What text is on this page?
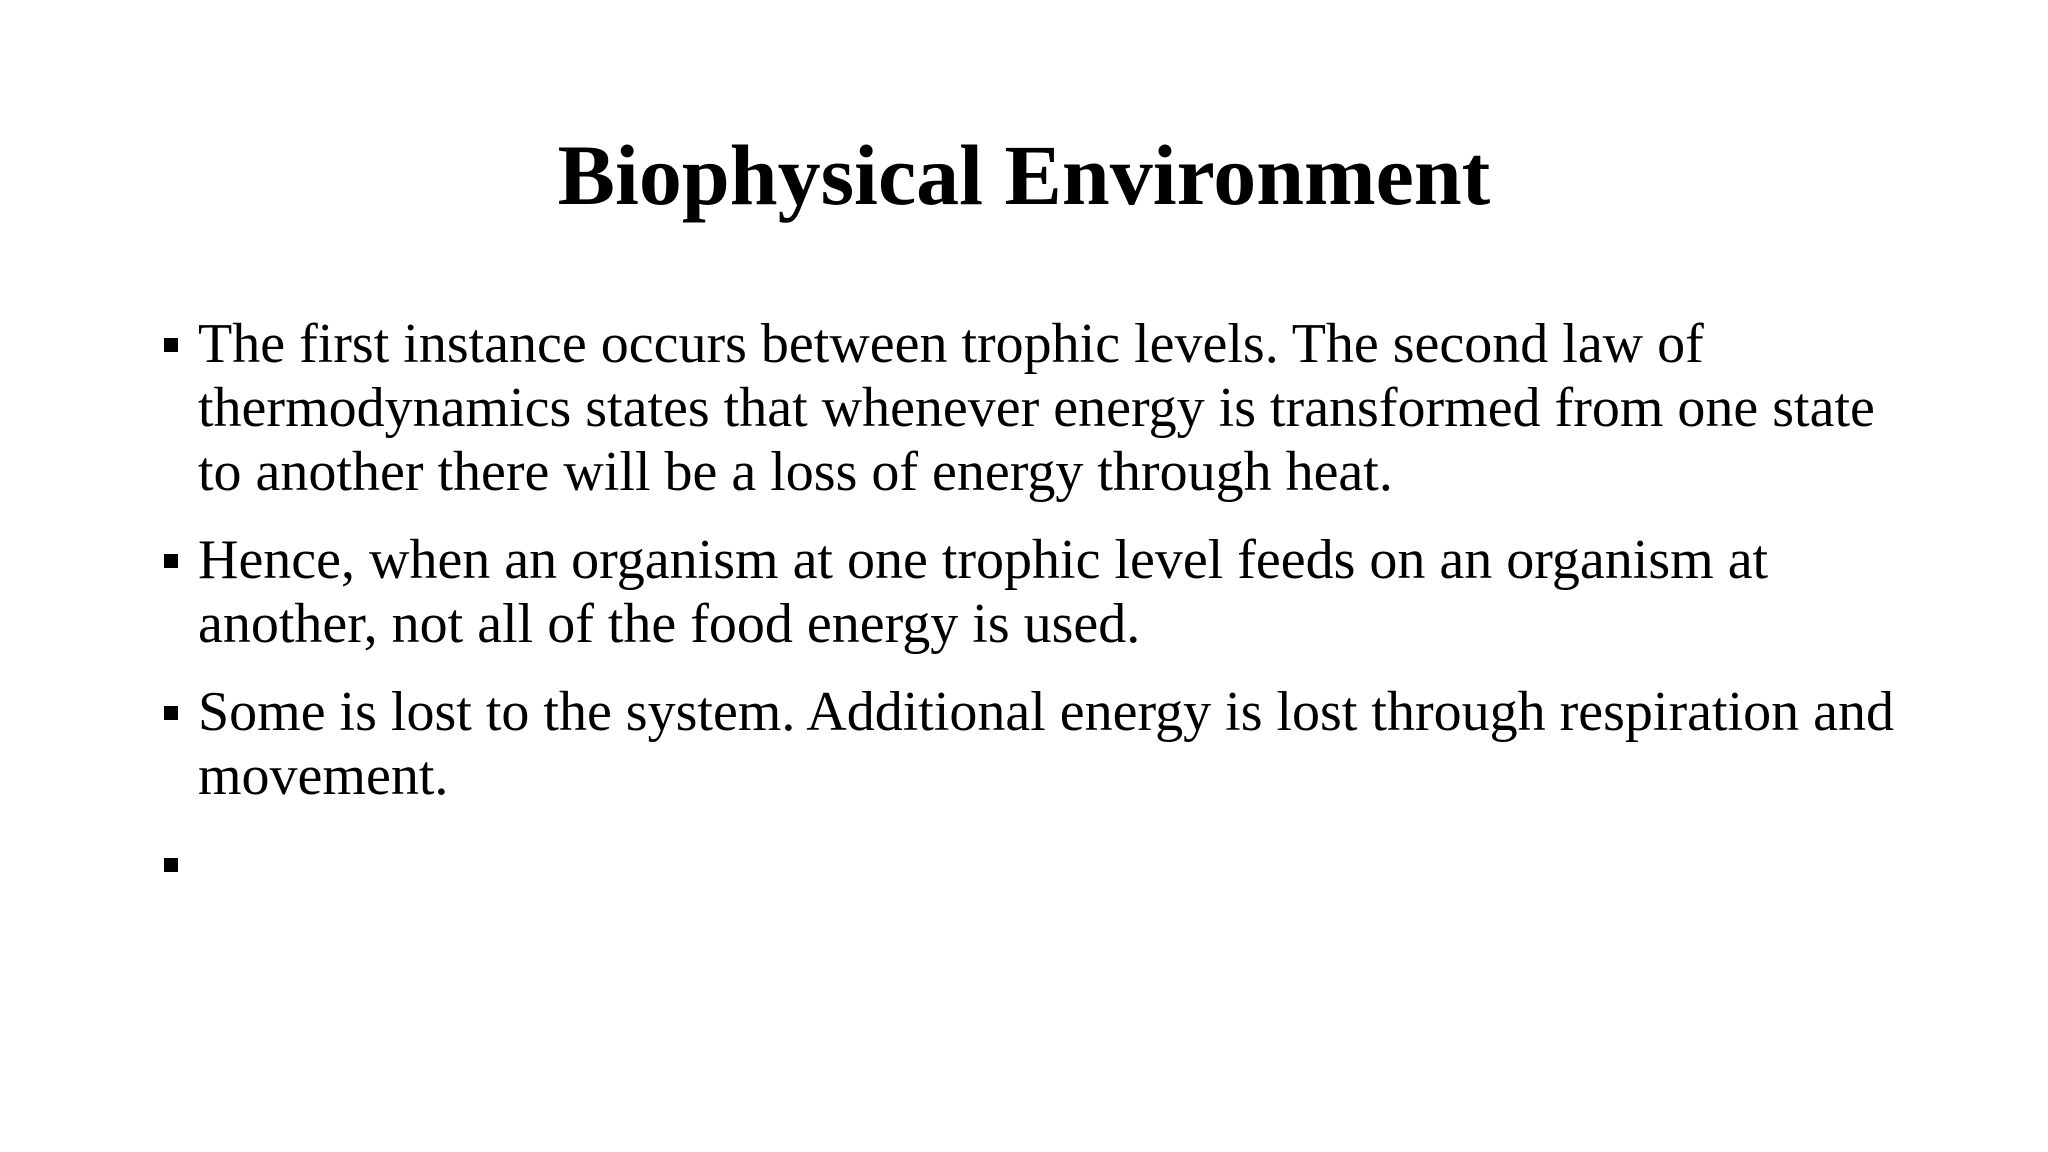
Biophysical Environment
The first instance occurs between trophic levels. The second law of thermodynamics states that whenever energy is transformed from one state to another there will be a loss of energy through heat.
Hence, when an organism at one trophic level feeds on an organism at another, not all of the food energy is used.
Some is lost to the system. Additional energy is lost through respiration and movement.
